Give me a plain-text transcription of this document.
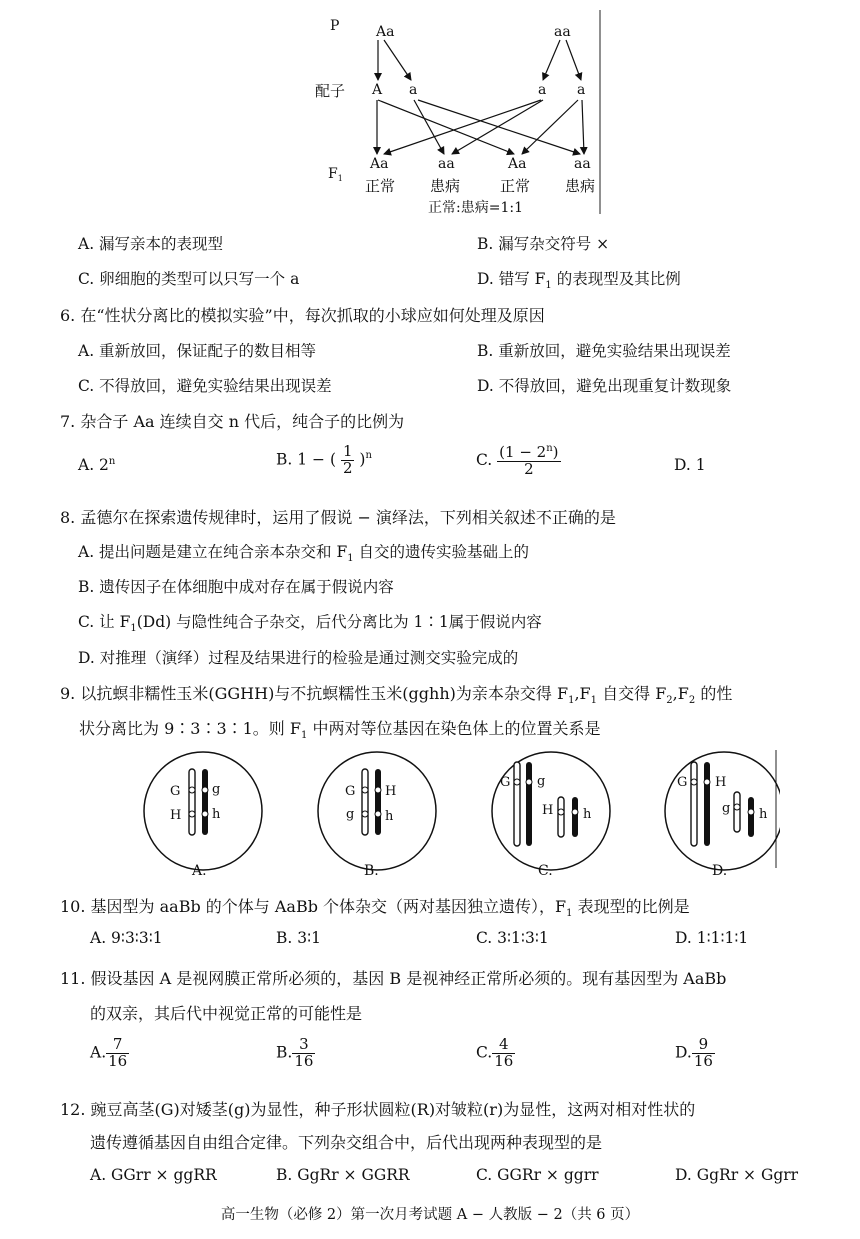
P
配子
$F_1$
Aa	aa
A a	a a
Aa	aa	Aa	aa
正常 患病	正常 患病
正常:患病=1:1
A. 漏写亲本的表现型	B. 漏写杂交符号 ×
C. 卵细胞的类型可以只写一个 a	D. 错写 $F_1$ 的表现型及其比例
6. 在“性状分离比的模拟实验”中，每次抓取的小球应如何处理及原因
A. 重新放回，保证配子的数目相等	B. 重新放回，避免实验结果出现误差
C. 不得放回，避免实验结果出现误差	D. 不得放回，避免出现重复计数现象
7. 杂合子 Aa 连续自交 n 代后，纯合子的比例为
A. 2$^n$	B. 1 − ( $\frac{1}{2} )^n$	C. $\frac{(1 - 2^n)}{2}$	D. 1
8. 孟德尔在探索遗传规律时，运用了假说 − 演绎法，下列相关叙述不正确的是
A. 提出问题是建立在纯合亲本杂交和 $F_1$ 自交的遗传实验基础上的
B. 遗传因子在体细胞中成对存在属于假说内容
C. 让 $F_1(Dd)$ 与隐性纯合子杂交，后代分离比为 1∶1属于假说内容
D. 对推理（演绎）过程及结果进行的检验是通过测交实验完成的
9. 以抗螟非糯性玉米(GGHH)与不抗螟糯性玉米(gghh)为亲本杂交得 $F_1,F_1$ 自交得 $F_2,F_2$ 的性
状分离比为 9∶3∶3∶1。则 $F_1$ 中两对等位基因在染色体上的位置关系是
G
H
g
h
A.
G
g
H
h
B.
G g
H h
C.
G H
g h
D.
10. 基因型为 aaBb 的个体与 AaBb 个体杂交（两对基因独立遗传），$F_1$ 表现型的比例是
A. 9∶3∶3∶1	B. 3∶1	C. 3∶1∶3∶1	D. 1∶1∶1∶1
11. 假设基因 A 是视网膜正常所必须的，基因 B 是视神经正常所必须的。现有基因型为 AaBb
的双亲，其后代中视觉正常的可能性是
A. $\frac{7}{16}$	B. $\frac{3}{16}$	C. $\frac{4}{16}$	D. $\frac{9}{16}$
12. 豌豆高茎(G)对矮茎(g)为显性，种子形状圆粒(R)对皱粒(r)为显性，这两对相对性状的
遗传遵循基因自由组合定律。下列杂交组合中，后代出现两种表现型的是
A. GGrr × ggRR	B. GgRr × GGRR	C. GGRr × ggrr	D. GgRr × Ggrr
高一生物（必修 2）第一次月考试题 A − 人教版 − 2（共 6 页）
